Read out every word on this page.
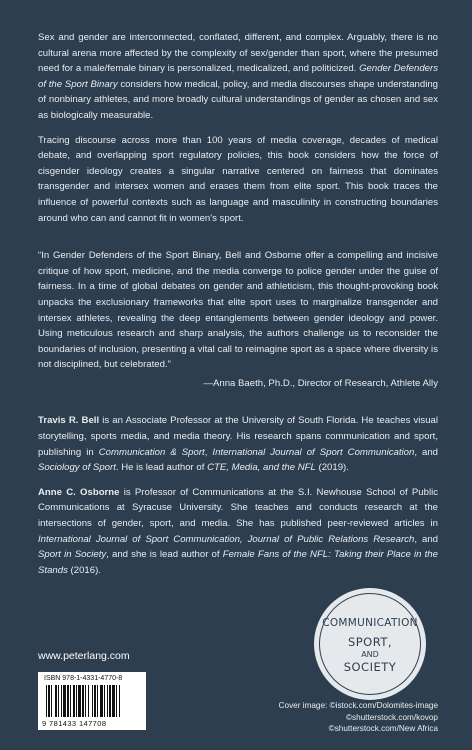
Sex and gender are interconnected, conflated, different, and complex. Arguably, there is no cultural arena more affected by the complexity of sex/gender than sport, where the presumed need for a male/female binary is personalized, medicalized, and politicized. Gender Defenders of the Sport Binary considers how medical, policy, and media discourses shape understanding of nonbinary athletes, and more broadly cultural understandings of gender as chosen and sex as biologically measurable.

Tracing discourse across more than 100 years of media coverage, decades of medical debate, and overlapping sport regulatory policies, this book considers how the force of cisgender ideology creates a singular narrative centered on fairness that dominates transgender and intersex women and erases them from elite sport. This book traces the influence of powerful contexts such as language and masculinity in constructing boundaries around who can and cannot fit in women's sport.

“In Gender Defenders of the Sport Binary, Bell and Osborne offer a compelling and incisive critique of how sport, medicine, and the media converge to police gender under the guise of fairness. In a time of global debates on gender and athleticism, this thought-provoking book unpacks the exclusionary frameworks that elite sport uses to marginalize transgender and intersex athletes, revealing the deep entanglements between gender ideology and power. Using meticulous research and sharp analysis, the authors challenge us to reconsider the boundaries of inclusion, presenting a vital call to reimagine sport as a space where diversity is not disciplined, but celebrated.”

—Anna Baeth, Ph.D., Director of Research, Athlete Ally

Travis R. Bell is an Associate Professor at the University of South Florida. He teaches visual storytelling, sports media, and media theory. His research spans communication and sport, publishing in Communication & Sport, International Journal of Sport Communication, and Sociology of Sport. He is lead author of CTE, Media, and the NFL (2019).

Anne C. Osborne is Professor of Communications at the S.I. Newhouse School of Public Communications at Syracuse University. She teaches and conducts research at the intersections of gender, sport, and media. She has published peer-reviewed articles in International Journal of Sport Communication, Journal of Public Relations Research, and Sport in Society, and she is lead author of Female Fans of the NFL: Taking their Place in the Stands (2016).

COMMUNICATION
SPORT,
AND
SOCIETY
www.peterlang.com
ISBN 978-1-4331-4770-8
9 781433 147708
Cover image: ©istock.com/Dolomites-image
©shutterstock.com/kovop
©shutterstock.com/New Africa
